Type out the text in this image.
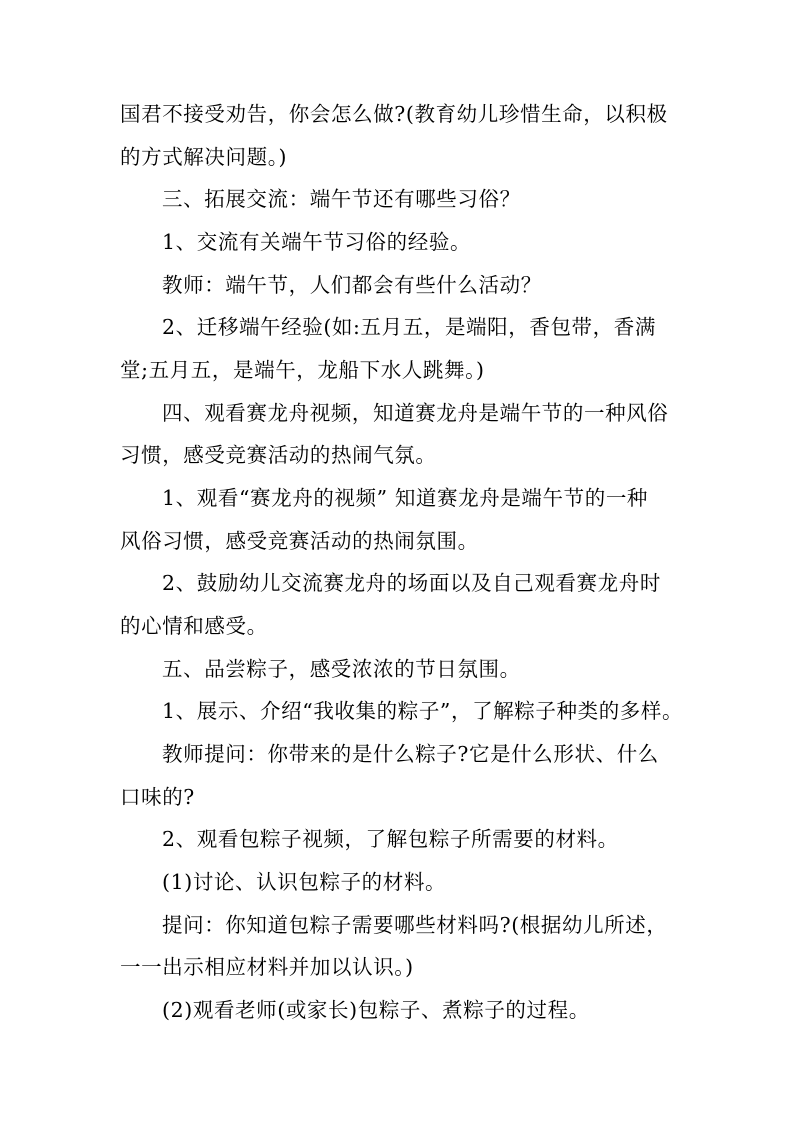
国君不接受劝告，你会怎么做?(教育幼儿珍惜生命，以积极
的方式解决问题。)
三、拓展交流：端午节还有哪些习俗？
1、交流有关端午节习俗的经验。
教师：端午节，人们都会有些什么活动？
2、迁移端午经验(如:五月五，是端阳，香包带，香满
堂;五月五，是端午，龙船下水人跳舞。)
四、观看赛龙舟视频，知道赛龙舟是端午节的一种风俗
习惯，感受竞赛活动的热闹气氛。
1、观看“赛龙舟的视频” 知道赛龙舟是端午节的一种
风俗习惯，感受竞赛活动的热闹氛围。
2、鼓励幼儿交流赛龙舟的场面以及自己观看赛龙舟时
的心情和感受。
五、品尝粽子，感受浓浓的节日氛围。
1、展示、介绍“我收集的粽子”，了解粽子种类的多样。
教师提问：你带来的是什么粽子?它是什么形状、什么
口味的?
2、观看包粽子视频，了解包粽子所需要的材料。
(1)讨论、认识包粽子的材料。
提问：你知道包粽子需要哪些材料吗?(根据幼儿所述，
一一出示相应材料并加以认识。)
(2)观看老师(或家长)包粽子、煮粽子的过程。
